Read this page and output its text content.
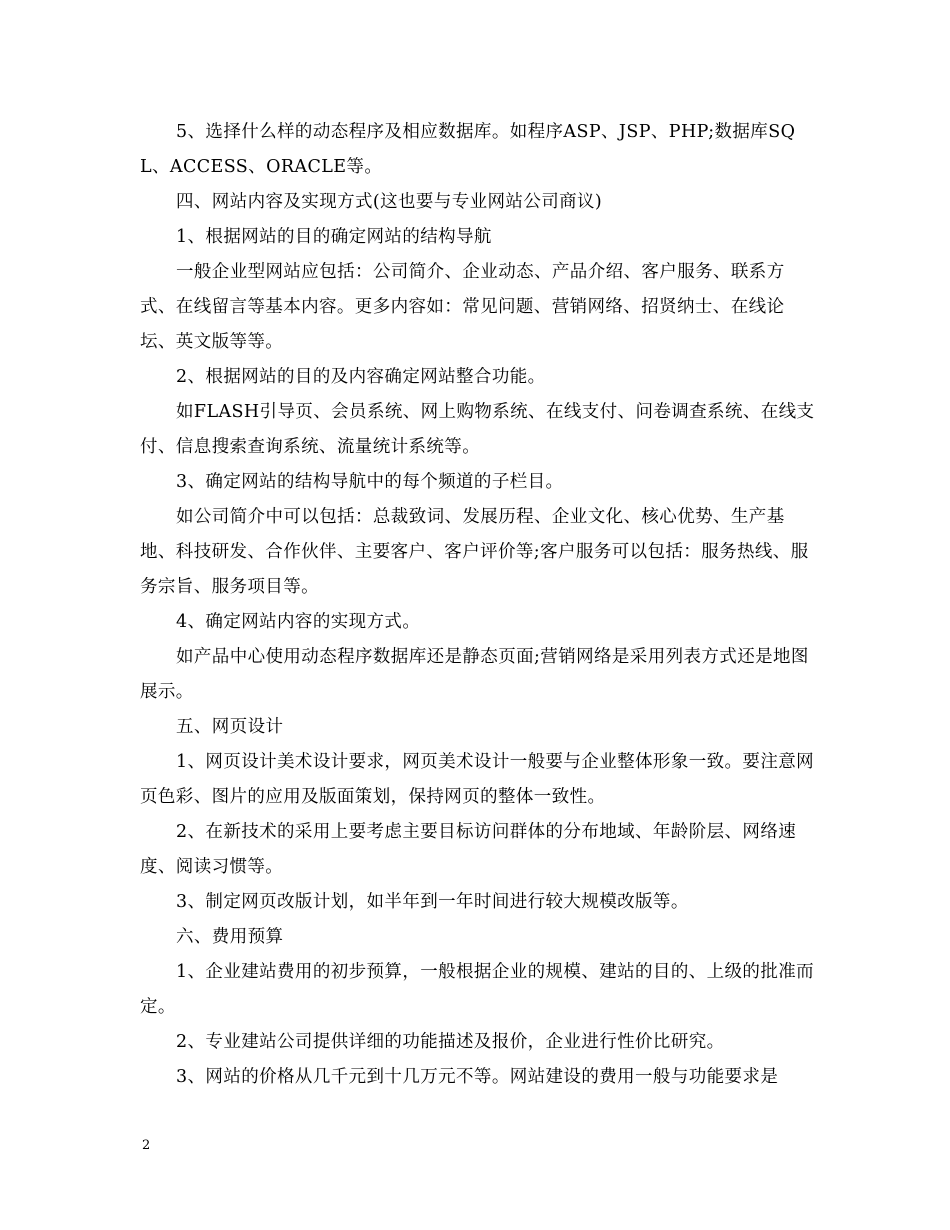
5、选择什么样的动态程序及相应数据库。如程序ASP、JSP、PHP;数据库SQL、ACCESS、ORACLE等。

四、网站内容及实现方式(这也要与专业网站公司商议)

1、根据网站的目的确定网站的结构导航

一般企业型网站应包括：公司简介、企业动态、产品介绍、客户服务、联系方式、在线留言等基本内容。更多内容如：常见问题、营销网络、招贤纳士、在线论坛、英文版等等。

2、根据网站的目的及内容确定网站整合功能。

如FLASH引导页、会员系统、网上购物系统、在线支付、问卷调查系统、在线支付、信息搜索查询系统、流量统计系统等。

3、确定网站的结构导航中的每个频道的子栏目。

如公司简介中可以包括：总裁致词、发展历程、企业文化、核心优势、生产基地、科技研发、合作伙伴、主要客户、客户评价等;客户服务可以包括：服务热线、服务宗旨、服务项目等。

4、确定网站内容的实现方式。

如产品中心使用动态程序数据库还是静态页面;营销网络是采用列表方式还是地图展示。

五、网页设计

1、网页设计美术设计要求，网页美术设计一般要与企业整体形象一致。要注意网页色彩、图片的应用及版面策划，保持网页的整体一致性。

2、在新技术的采用上要考虑主要目标访问群体的分布地域、年龄阶层、网络速度、阅读习惯等。

3、制定网页改版计划，如半年到一年时间进行较大规模改版等。

六、费用预算

1、企业建站费用的初步预算，一般根据企业的规模、建站的目的、上级的批准而定。

2、专业建站公司提供详细的功能描述及报价，企业进行性价比研究。

3、网站的价格从几千元到十几万元不等。网站建设的费用一般与功能要求是

2
